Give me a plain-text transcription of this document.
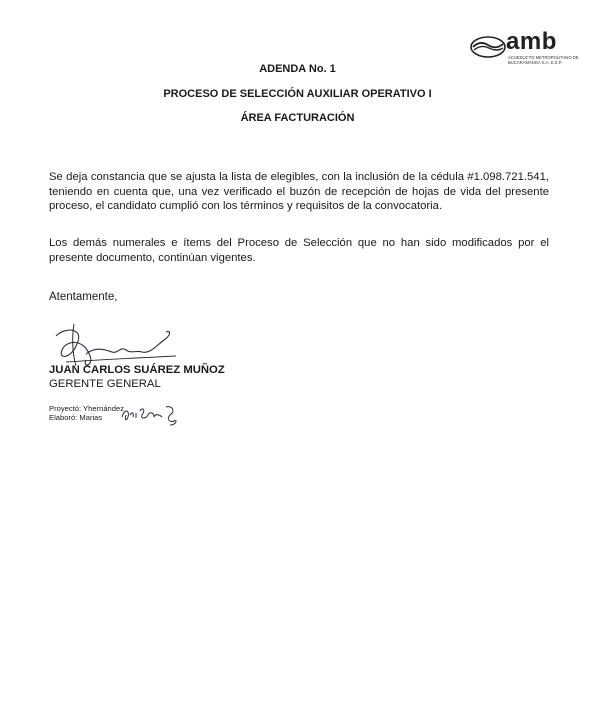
amb
ACUEDUCTO METROPOLITANO DE BUCARAMANGA S.A. E.S.P.
ADENDA No. 1
PROCESO DE SELECCIÓN AUXILIAR OPERATIVO I
ÁREA FACTURACIÓN

Se deja constancia que se ajusta la lista de elegibles, con la inclusión de la cédula #1.098.721.541, teniendo en cuenta que, una vez verificado el buzón de recepción de hojas de vida del presente proceso, el candidato cumplió con los términos y requisitos de la convocatoria.

Los demás numerales e ítems del Proceso de Selección que no han sido modificados por el presente documento, continúan vigentes.

Atentamente,
JUAN CARLOS SUÁREZ MUÑOZ
GERENTE GENERAL
Proyectó: Yhernández
Elaboró: Marias
